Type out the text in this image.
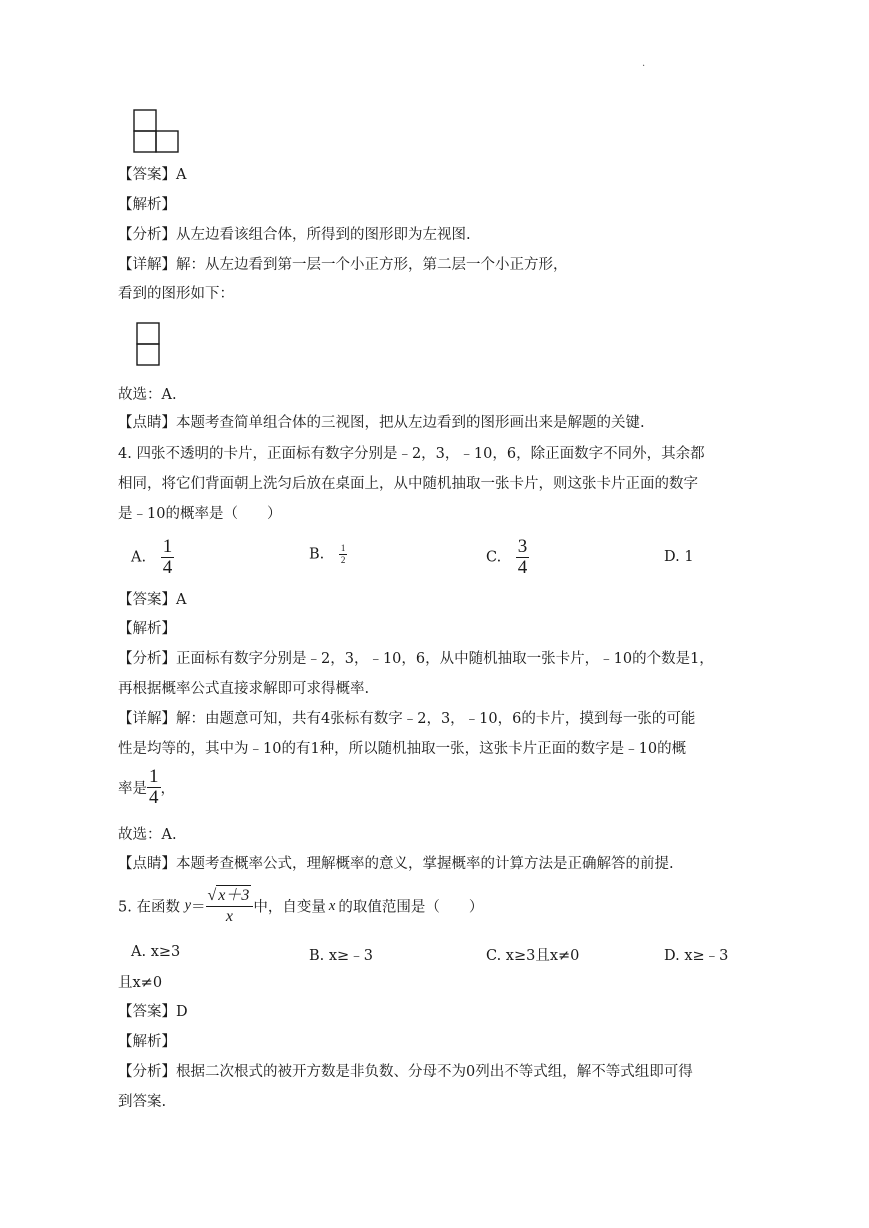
.
【答案】A
【解析】
【分析】从左边看该组合体，所得到的图形即为左视图.
【详解】解：从左边看到第一层一个小正方形，第二层一个小正方形，
看到的图形如下：
故选：A.
【点睛】本题考查简单组合体的三视图，把从左边看到的图形画出来是解题的关键.
4. 四张不透明的卡片，正面标有数字分别是﹣2，3，﹣10，6，除正面数字不同外，其余都
相同，将它们背面朝上洗匀后放在桌面上，从中随机抽取一张卡片，则这张卡片正面的数字
是﹣10的概率是（　　）
A. $\frac{1}{4}$	B. $\frac{1}{2}$	C. $\frac{3}{4}$	D. 1
【答案】A
【解析】
【分析】正面标有数字分别是﹣2，3，﹣10，6，从中随机抽取一张卡片，﹣10的个数是1，
再根据概率公式直接求解即可求得概率.
【详解】解：由题意可知，共有4张标有数字﹣2，3，﹣10，6的卡片，摸到每一张的可能
性是均等的，其中为﹣10的有1种，所以随机抽取一张，这张卡片正面的数字是﹣10的概
率是 $\frac{1}{4}$ ，
故选：A.
【点睛】本题考查概率公式，理解概率的意义，掌握概率的计算方法是正确解答的前提.
5. 在函数 $y= \frac{√ x+3}{x}$ 中，自变量 x 的取值范围是（　　）
A. x≥3	B. x≥﹣3	C. x≥3且x≠0	D. x≥﹣3
且x≠0
【答案】D
【解析】
【分析】根据二次根式的被开方数是非负数、分母不为0列出不等式组，解不等式组即可得
到答案.
